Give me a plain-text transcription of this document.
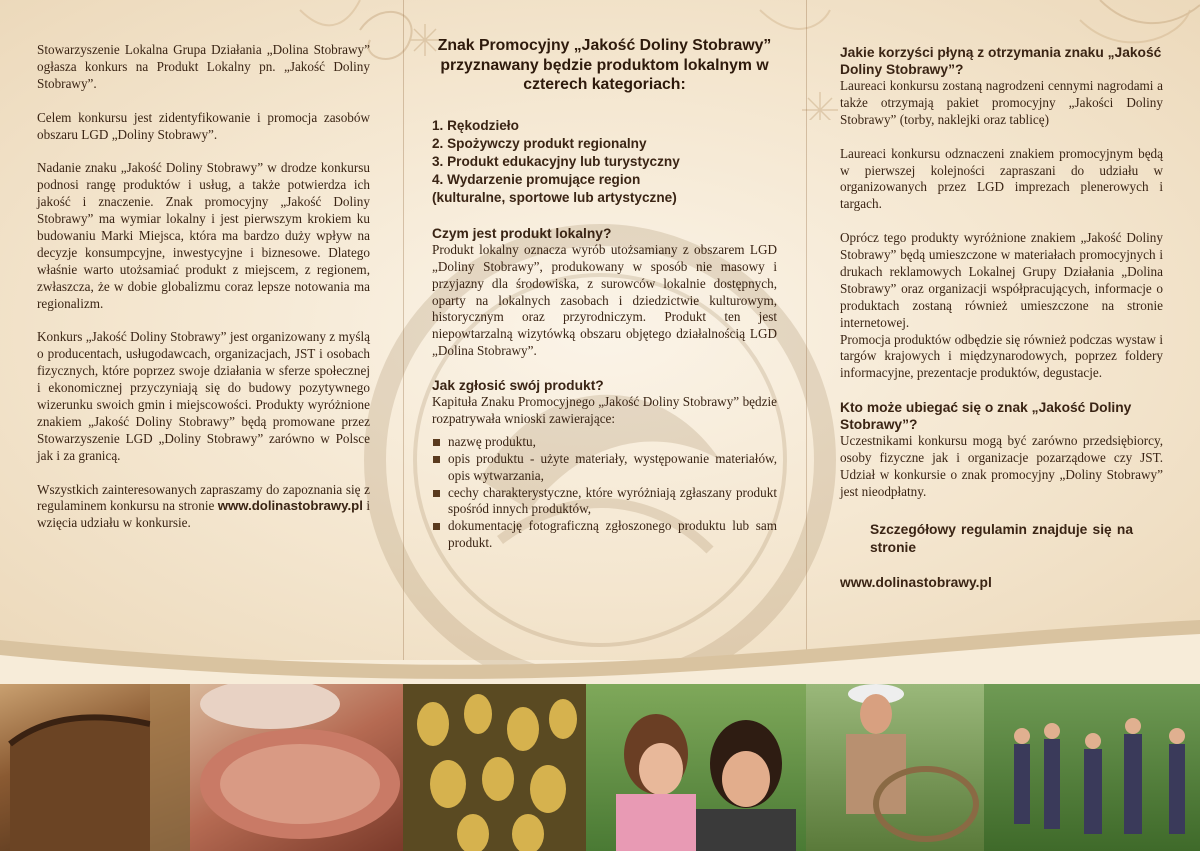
Stowarzyszenie Lokalna Grupa Działania „Dolina Stobrawy” ogłasza konkurs na Produkt Lokalny pn. „Jakość Doliny Stobrawy”.

Celem konkursu jest zidentyfikowanie i promocja zasobów obszaru LGD „Doliny Stobrawy”.

Nadanie znaku „Jakość Doliny Stobrawy” w drodze konkursu podnosi rangę produktów i usług, a także potwierdza ich jakość i znaczenie. Znak promocyjny „Jakość Doliny Stobrawy” ma wymiar lokalny i jest pierwszym krokiem ku budowaniu Marki Miejsca, która ma bardzo duży wpływ na decyzje konsumpcyjne, inwestycyjne i biznesowe. Dlatego właśnie warto utożsamiać produkt z miejscem, z regionem, zwłaszcza, że w dobie globalizmu coraz lepsze notowania ma regionalizm.

Konkurs „Jakość Doliny Stobrawy” jest organizowany z myślą o producentach, usługodawcach, organizacjach, JST i osobach fizycznych, które poprzez swoje działania w sferze społecznej i ekonomicznej przyczyniają się do budowy pozytywnego wizerunku swoich gmin i miejscowości. Produkty wyróżnione znakiem „Jakość Doliny Stobrawy” będą promowane przez Stowarzyszenie LGD „Doliny Stobrawy” zarówno w Polsce jak i za granicą.

Wszystkich zainteresowanych zapraszamy do zapoznania się z regulaminem konkursu na stronie www.dolinastobrawy.pl i wzięcia udziału w konkursie.

Znak Promocyjny „Jakość Doliny Stobrawy” przyznawany będzie produktom lokalnym w czterech kategoriach:
1. Rękodzieło
2. Spożywczy produkt regionalny
3. Produkt edukacyjny lub turystyczny
4. Wydarzenie promujące region
(kulturalne, sportowe lub artystyczne)
Czym jest produkt lokalny?

Produkt lokalny oznacza wyrób utożsamiany z obszarem LGD „Doliny Stobrawy”, produkowany w sposób nie masowy i przyjazny dla środowiska, z surowców lokalnie dostępnych, oparty na lokalnych zasobach i dziedzictwie kulturowym, historycznym oraz przyrodniczym. Produkt ten jest niepowtarzalną wizytówką obszaru objętego działalnością LGD „Dolina Stobrawy”.

Jak zgłosić swój produkt?

Kapituła Znaku Promocyjnego „Jakość Doliny Stobrawy” będzie rozpatrywała wnioski zawierające:

nazwę produktu,
opis produktu - użyte materiały, występowanie materiałów, opis wytwarzania,
cechy charakterystyczne, które wyróżniają zgłaszany produkt spośród innych produktów,
dokumentację fotograficzną zgłoszonego produktu lub sam produkt.
Jakie korzyści płyną z otrzymania znaku „Jakość Doliny Stobrawy”?

Laureaci konkursu zostaną nagrodzeni cennymi nagrodami a także otrzymają pakiet promocyjny „Jakości Doliny Stobrawy” (torby, naklejki oraz tablicę)

Laureaci konkursu odznaczeni znakiem promocyjnym będą w pierwszej kolejności zapraszani do udziału w organizowanych przez LGD imprezach plenerowych i targach.

Oprócz tego produkty wyróżnione znakiem „Jakość Doliny Stobrawy” będą umieszczone w materiałach promocyjnych i drukach reklamowych Lokalnej Grupy Działania „Dolina Stobrawy” oraz organizacji współpracujących, informacje o produktach zostaną również umieszczone na stronie internetowej.

Promocja produktów odbędzie się również podczas wystaw i targów krajowych i międzynarodowych, poprzez foldery informacyjne, prezentacje produktów, degustacje.

Kto może ubiegać się o znak „Jakość Doliny Stobrawy”?

Uczestnikami konkursu mogą być zarówno przedsiębiorcy, osoby fizyczne jak i organizacje pozarządowe czy JST. Udział w konkursie o znak promocyjny „Doliny Stobrawy” jest nieodpłatny.

Szczegółowy regulamin znajduje się na stronie

www.dolinastobrawy.pl
